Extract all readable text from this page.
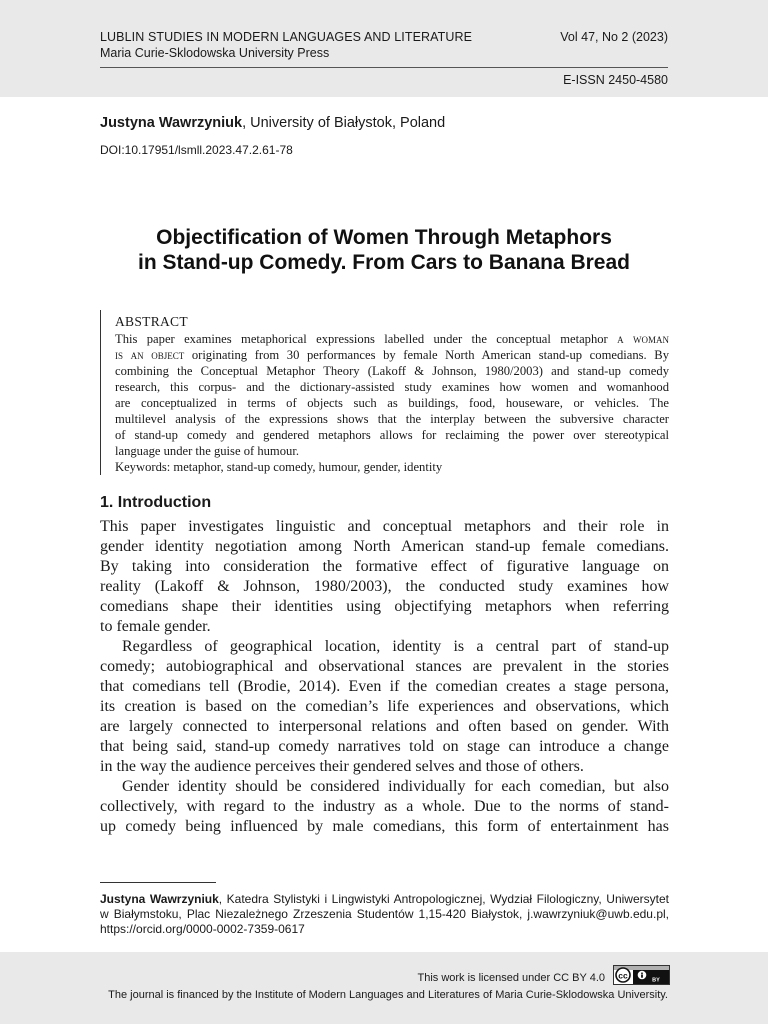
LUBLIN STUDIES IN MODERN LANGUAGES AND LITERATURE
Maria Curie-Sklodowska University Press
Vol 47, No 2 (2023)
E-ISSN 2450-4580
Justyna Wawrzyniuk, University of Białystok, Poland
DOI:10.17951/lsmll.2023.47.2.61-78
Objectification of Women Through Metaphors
in Stand-up Comedy. From Cars to Banana Bread
ABSTRACT
This paper examines metaphorical expressions labelled under the conceptual metaphor a woman
is an object originating from 30 performances by female North American stand-up comedians. By
combining the Conceptual Metaphor Theory (Lakoff & Johnson, 1980/2003) and stand-up comedy
research, this corpus- and the dictionary-assisted study examines how women and womanhood
are conceptualized in terms of objects such as buildings, food, houseware, or vehicles. The
multilevel analysis of the expressions shows that the interplay between the subversive character
of stand-up comedy and gendered metaphors allows for reclaiming the power over stereotypical
language under the guise of humour.
Keywords: metaphor, stand-up comedy, humour, gender, identity
1. Introduction
This paper investigates linguistic and conceptual metaphors and their role in
gender identity negotiation among North American stand-up female comedians.
By taking into consideration the formative effect of figurative language on
reality (Lakoff & Johnson, 1980/2003), the conducted study examines how
comedians shape their identities using objectifying metaphors when referring
to female gender.
Regardless of geographical location, identity is a central part of stand-up
comedy; autobiographical and observational stances are prevalent in the stories
that comedians tell (Brodie, 2014). Even if the comedian creates a stage persona,
its creation is based on the comedian’s life experiences and observations, which
are largely connected to interpersonal relations and often based on gender. With
that being said, stand-up comedy narratives told on stage can introduce a change
in the way the audience perceives their gendered selves and those of others.
Gender identity should be considered individually for each comedian, but also
collectively, with regard to the industry as a whole. Due to the norms of stand-
up comedy being influenced by male comedians, this form of entertainment has
Justyna Wawrzyniuk, Katedra Stylistyki i Lingwistyki Antropologicznej, Wydział Filologiczny, Uniwersytet
w Białymstoku, Plac Niezależnego Zrzeszenia Studentów 1,15-420 Białystok, j.wawrzyniuk@uwb.edu.pl,
https://orcid.org/0000-0002-7359-0617
This work is licensed under CC BY 4.0 cc
BY
The journal is financed by the Institute of Modern Languages and Literatures of Maria Curie-Sklodowska University.
